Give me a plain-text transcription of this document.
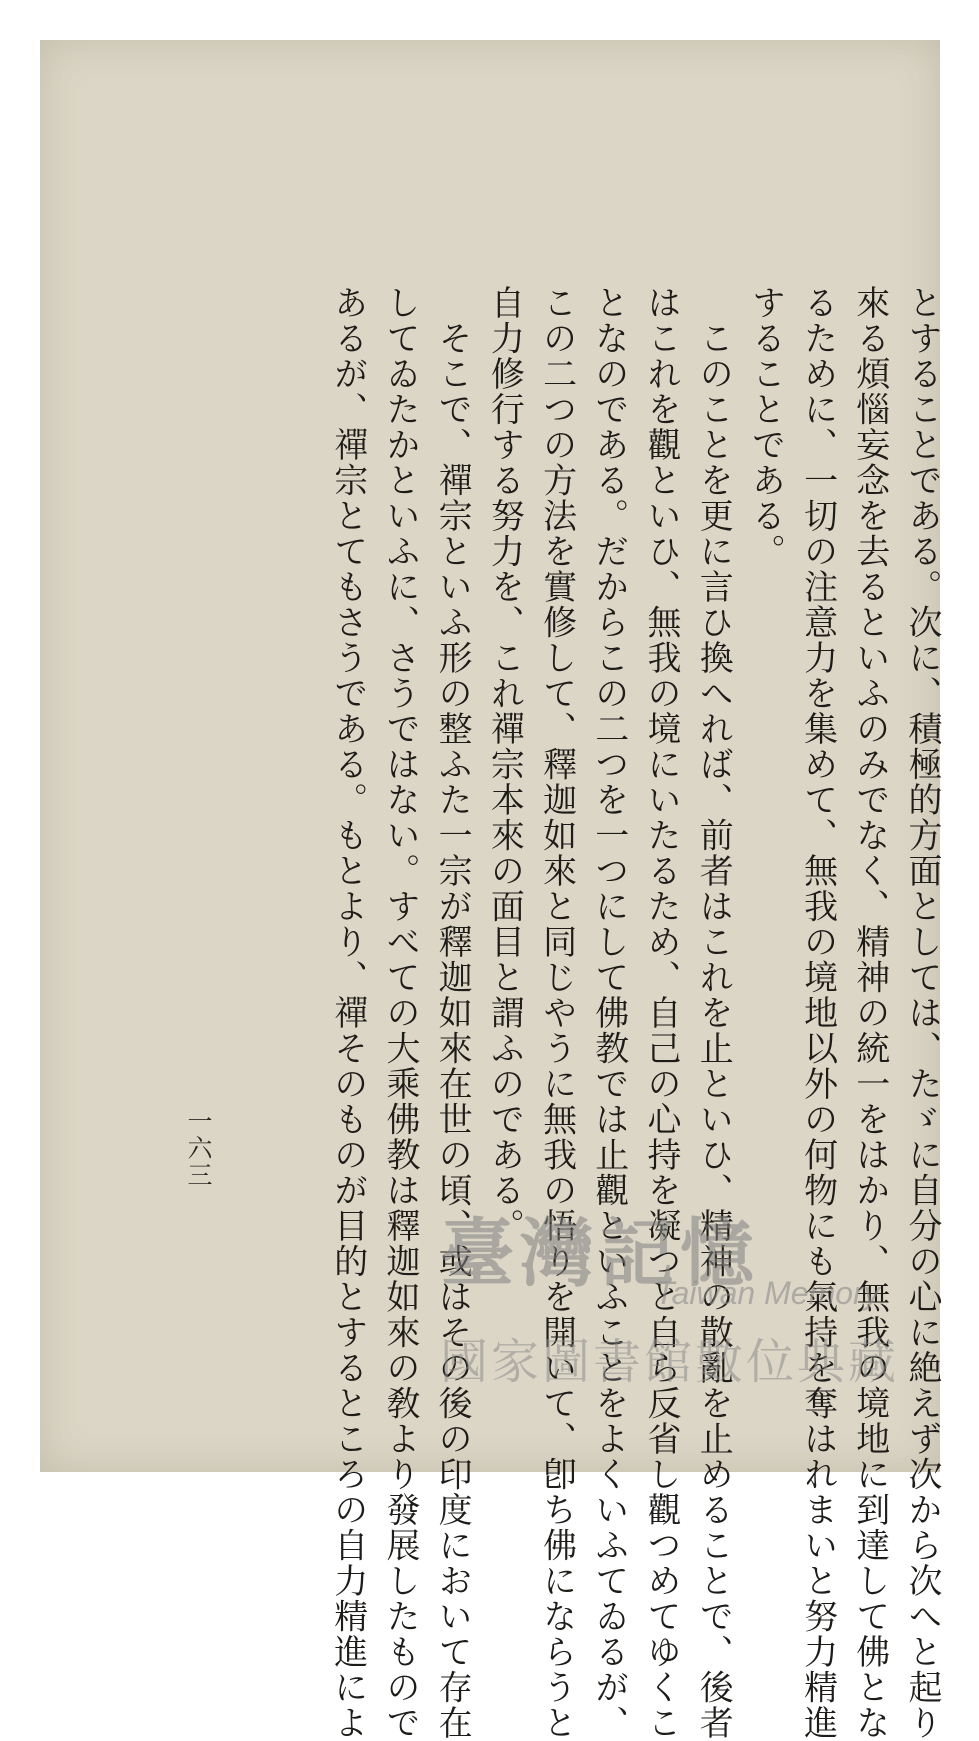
とすることである。次に、積極的方面としては、たゞに自分の心に絶えず次から次へと起り
來る煩惱妄念を去るといふのみでなく、精神の統一をはかり、無我の境地に到達して佛とな
るために、一切の注意力を集めて、無我の境地以外の何物にも氣持を奪はれまいと努力精進
することである。
　このことを更に言ひ換へれば、前者はこれを止といひ、精神の散亂を止めることで、後者
はこれを觀といひ、無我の境にいたるため、自己の心持を凝つと自ら反省し觀つめてゆくこ
となのである。だからこの二つを一つにして佛教では止觀といふことをよくいふてゐるが、
この二つの方法を實修して、釋迦如來と同じやうに無我の悟りを開いて、卽ち佛にならうと
自力修行する努力を、これ禪宗本來の面目と謂ふのである。
　そこで、禪宗といふ形の整ふた一宗が釋迦如來在世の頃、或はその後の印度において存在
してゐたかといふに、さうではない。すべての大乘佛教は釋迦如來の敎より發展したもので
あるが、禪宗とてもさうである。もとより、禪そのものが目的とするところの自力精進によ
一六三
臺灣記憶
Taiwan Memory
國家圖書館數位典藏
